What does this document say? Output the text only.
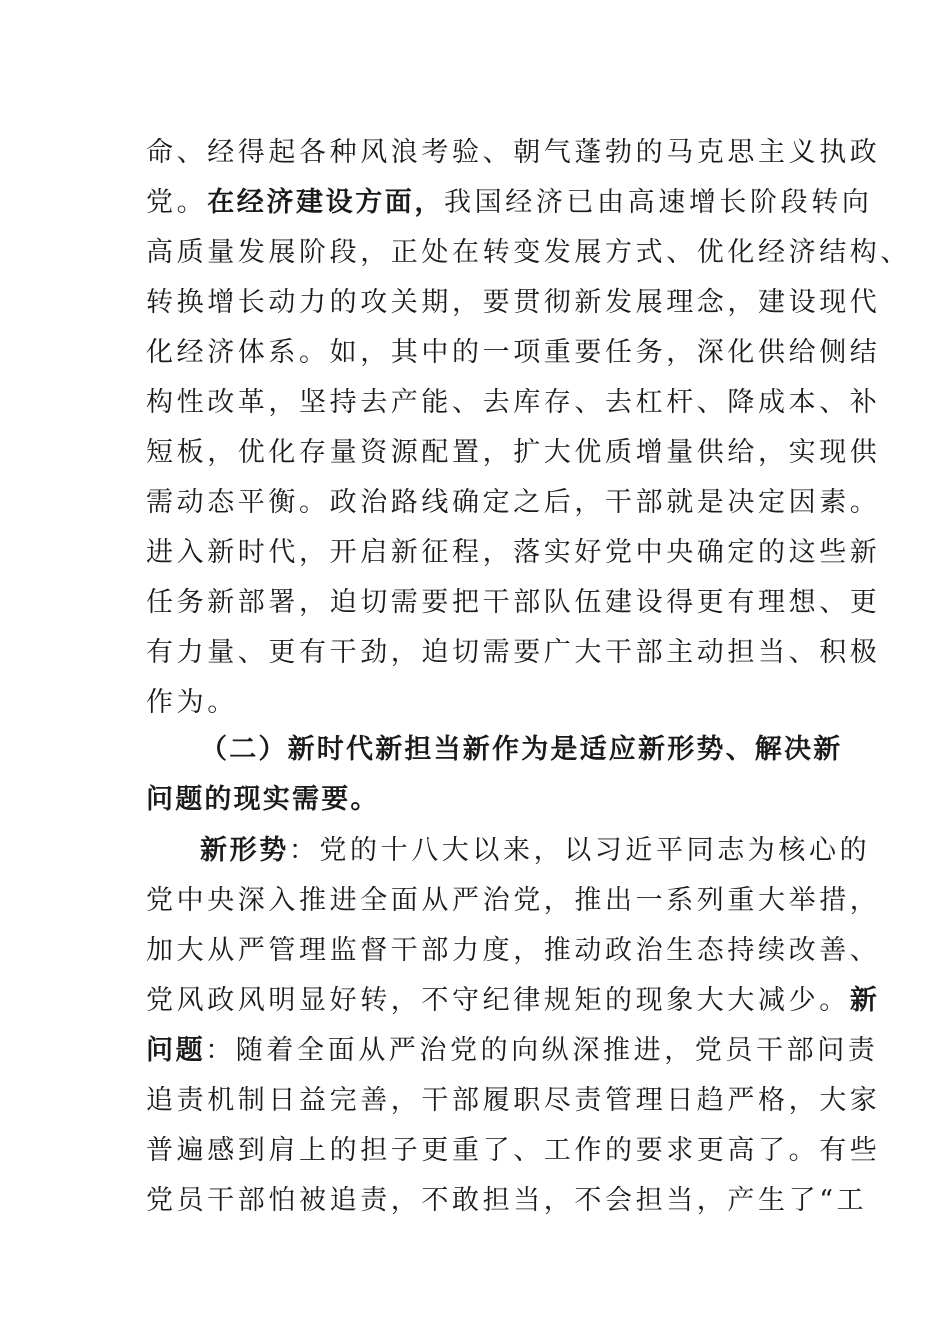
命、经得起各种风浪考验、朝气蓬勃的马克思主义执政
党。在经济建设方面，我国经济已由高速增长阶段转向
高质量发展阶段，正处在转变发展方式、优化经济结构、
转换增长动力的攻关期，要贯彻新发展理念，建设现代
化经济体系。如，其中的一项重要任务，深化供给侧结
构性改革，坚持去产能、去库存、去杠杆、降成本、补
短板，优化存量资源配置，扩大优质增量供给，实现供
需动态平衡。政治路线确定之后，干部就是决定因素。
进入新时代，开启新征程，落实好党中央确定的这些新
任务新部署，迫切需要把干部队伍建设得更有理想、更
有力量、更有干劲，迫切需要广大干部主动担当、积极
作为。
（二）新时代新担当新作为是适应新形势、解决新
问题的现实需要。
新形势：党的十八大以来，以习近平同志为核心的
党中央深入推进全面从严治党，推出一系列重大举措，
加大从严管理监督干部力度，推动政治生态持续改善、
党风政风明显好转，不守纪律规矩的现象大大减少。新
问题：随着全面从严治党的向纵深推进，党员干部问责
追责机制日益完善，干部履职尽责管理日趋严格，大家
普遍感到肩上的担子更重了、工作的要求更高了。有些
党员干部怕被追责，不敢担当，不会担当，产生了“工
